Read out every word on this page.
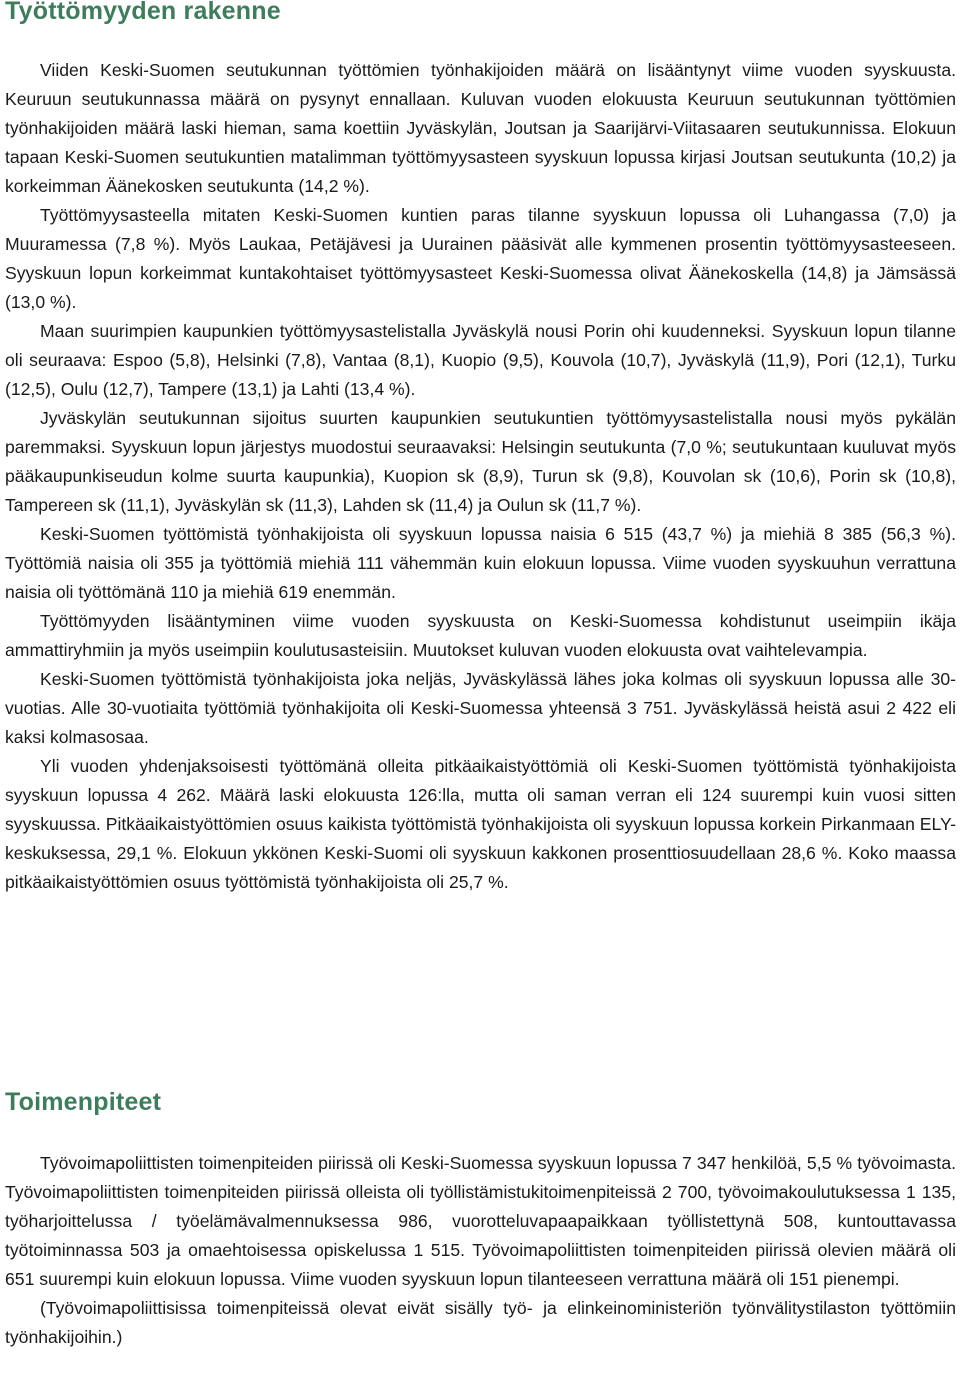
Työttömyyden rakenne

Viiden Keski-Suomen seutukunnan työttömien työnhakijoiden määrä on lisääntynyt viime vuoden syyskuusta. Keuruun seutukunnassa määrä on pysynyt ennallaan. Kuluvan vuoden elokuusta Keuruun seutukunnan työttömien työnhakijoiden määrä laski hieman, sama koettiin Jyväskylän, Joutsan ja Saarijärvi-Viitasaaren seutukunnissa. Elokuun tapaan Keski-Suomen seutukuntien matalimman työttömyysasteen syyskuun lopussa kirjasi Joutsan seutukunta (10,2) ja korkeimman Äänekosken seutukunta (14,2 %).

Työttömyysasteella mitaten Keski-Suomen kuntien paras tilanne syyskuun lopussa oli Luhangassa (7,0) ja Muuramessa (7,8 %). Myös Laukaa, Petäjävesi ja Uurainen pääsivät alle kymmenen prosentin työttömyysasteeseen. Syyskuun lopun korkeimmat kuntakohtaiset työttömyysasteet Keski-Suomessa olivat Äänekoskella (14,8) ja Jämsässä (13,0 %).

Maan suurimpien kaupunkien työttömyysastelistalla Jyväskylä nousi Porin ohi kuudenneksi. Syyskuun lopun tilanne oli seuraava: Espoo (5,8), Helsinki (7,8), Vantaa (8,1), Kuopio (9,5), Kouvola (10,7), Jyväskylä (11,9), Pori (12,1), Turku (12,5), Oulu (12,7), Tampere (13,1) ja Lahti (13,4 %).

Jyväskylän seutukunnan sijoitus suurten kaupunkien seutukuntien työttömyysastelistalla nousi myös pykälän paremmaksi. Syyskuun lopun järjestys muodostui seuraavaksi: Helsingin seutukunta (7,0 %; seutukuntaan kuuluvat myös pääkaupunkiseudun kolme suurta kaupunkia), Kuopion sk (8,9), Turun sk (9,8), Kouvolan sk (10,6), Porin sk (10,8), Tampereen sk (11,1), Jyväskylän sk (11,3), Lahden sk (11,4) ja Oulun sk (11,7 %).

Keski-Suomen työttömistä työnhakijoista oli syyskuun lopussa naisia 6 515 (43,7 %) ja miehiä 8 385 (56,3 %). Työttömiä naisia oli 355 ja työttömiä miehiä 111 vähemmän kuin elokuun lopussa. Viime vuoden syyskuuhun verrattuna naisia oli työttömänä 110 ja miehiä 619 enemmän.

Työttömyyden lisääntyminen viime vuoden syyskuusta on Keski-Suomessa kohdistunut useimpiin ikäja ammattiryhmiin ja myös useimpiin koulutusasteisiin. Muutokset kuluvan vuoden elokuusta ovat vaihtelevampia.

Keski-Suomen työttömistä työnhakijoista joka neljäs, Jyväskylässä lähes joka kolmas oli syyskuun lopussa alle 30-vuotias. Alle 30-vuotiaita työttömiä työnhakijoita oli Keski-Suomessa yhteensä 3 751. Jyväskylässä heistä asui 2 422 eli kaksi kolmasosaa.

Yli vuoden yhdenjaksoisesti työttömänä olleita pitkäaikaistyöttömiä oli Keski-Suomen työttömistä työnhakijoista syyskuun lopussa 4 262. Määrä laski elokuusta 126:lla, mutta oli saman verran eli 124 suurempi kuin vuosi sitten syyskuussa. Pitkäaikaistyöttömien osuus kaikista työttömistä työnhakijoista oli syyskuun lopussa korkein Pirkanmaan ELY-keskuksessa, 29,1 %. Elokuun ykkönen Keski-Suomi oli syyskuun kakkonen prosenttiosuudellaan 28,6 %. Koko maassa pitkäaikaistyöttömien osuus työttömistä työnhakijoista oli 25,7 %.

Toimenpiteet

Työvoimapoliittisten toimenpiteiden piirissä oli Keski-Suomessa syyskuun lopussa 7 347 henkilöä, 5,5 % työvoimasta. Työvoimapoliittisten toimenpiteiden piirissä olleista oli työllistämistukitoimenpiteissä 2 700, työvoimakoulutuksessa 1 135, työharjoittelussa / työelämävalmennuksessa 986, vuorotteluvapaapaikkaan työllistettynä 508, kuntouttavassa työtoiminnassa 503 ja omaehtoisessa opiskelussa 1 515. Työvoimapoliittisten toimenpiteiden piirissä olevien määrä oli 651 suurempi kuin elokuun lopussa. Viime vuoden syyskuun lopun tilanteeseen verrattuna määrä oli 151 pienempi.

(Työvoimapoliittisissa toimenpiteissä olevat eivät sisälly työ- ja elinkeinoministeriön työnvälitystilaston työttömiin työnhakijoihin.)
